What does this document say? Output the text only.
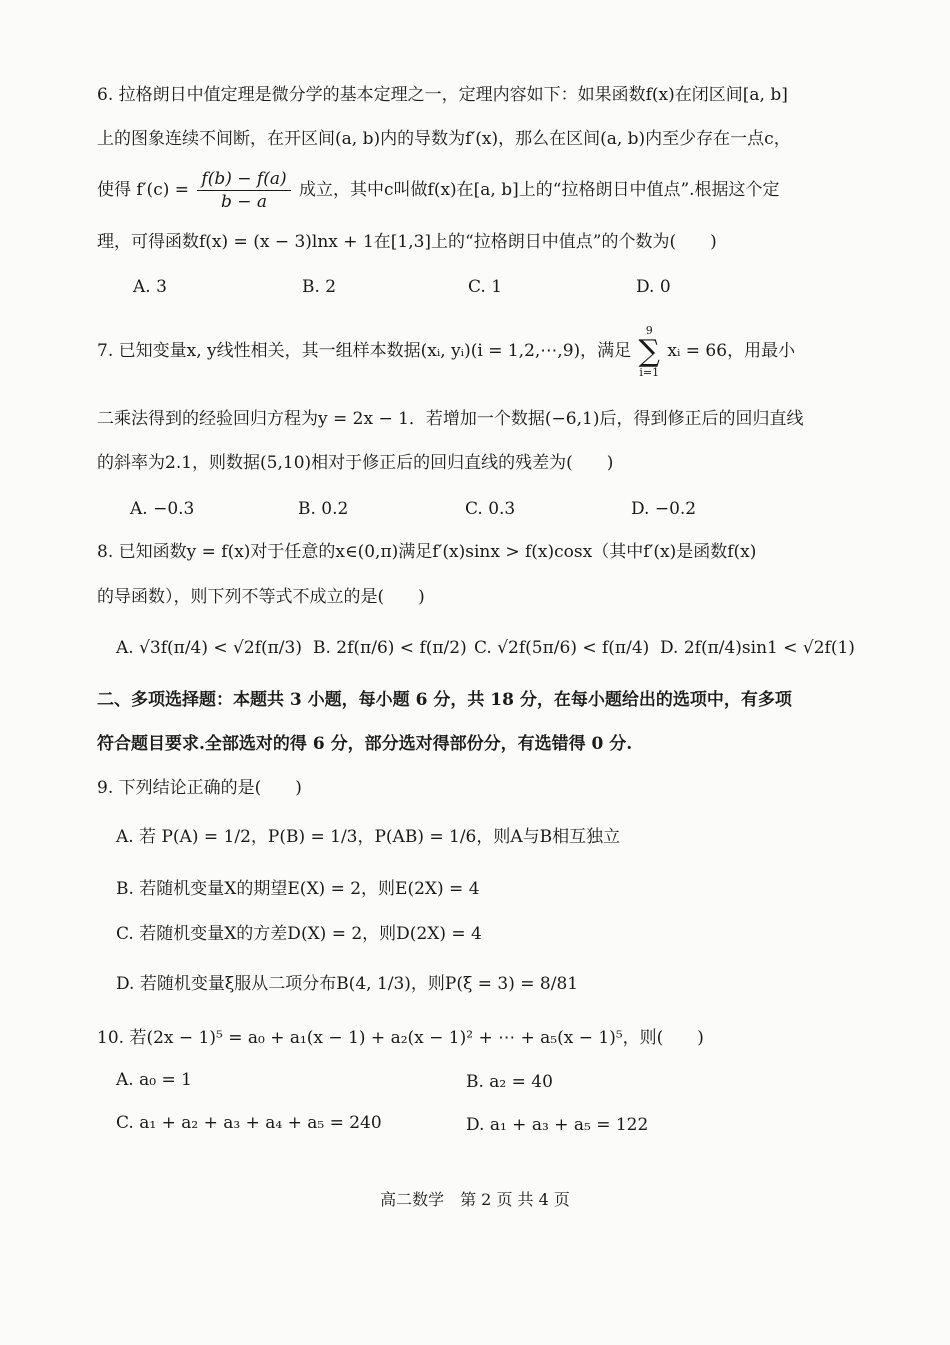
6. 拉格朗日中值定理是微分学的基本定理之一，定理内容如下：如果函数f(x)在闭区间[a, b]
上的图象连续不间断，在开区间(a, b)内的导数为f′(x)，那么在区间(a, b)内至少存在一点c，
使得 $f'(c) = \frac{f(b) - f(a)}{b - a}$ 成立，其中c叫做f(x)在[a, b]上的“拉格朗日中值点”.根据这个定
理，可得函数f(x) = (x − 3)lnx + 1在[1,3]上的“拉格朗日中值点”的个数为(　　)
A. 3	B. 2	C. 1	D. 0
7. 已知变量x, y线性相关，其一组样本数据(xᵢ, yᵢ)(i = 1,2,⋯,9)，满足
9
∑
i=1
xᵢ = 66，用最小
二乘法得到的经验回归方程为y = 2x − 1．若增加一个数据(−6,1)后，得到修正后的回归直线
的斜率为2.1，则数据(5,10)相对于修正后的回归直线的残差为(　　)
A. −0.3	B. 0.2	C. 0.3	D. −0.2
8. 已知函数y = f(x)对于任意的x∈(0,π)满足f′(x)sinx > f(x)cosx（其中f′(x)是函数f(x)
的导函数），则下列不等式不成立的是(　　)
A. √3f(π/4) < √2f(π/3) B. 2f(π/6) < f(π/2) C. √2f(5π/6) < f(π/4) D. 2f(π/4)sin1 < √2f(1)
二、多项选择题：本题共 3 小题，每小题 6 分，共 18 分，在每小题给出的选项中，有多项
符合题目要求.全部选对的得 6 分，部分选对得部份分，有选错得 0 分.
9. 下列结论正确的是(　　)
A. 若 P(A) = 1/2，P(B) = 1/3，P(AB) = 1/6，则A与B相互独立
B. 若随机变量X的期望E(X) = 2，则E(2X) = 4
C. 若随机变量X的方差D(X) = 2，则D(2X) = 4
D. 若随机变量ξ服从二项分布B(4, 1/3)，则P(ξ = 3) = 8/81
10. 若(2x − 1)⁵ = a₀ + a₁(x − 1) + a₂(x − 1)² + ⋯ + a₅(x − 1)⁵，则(　　)
A. a₀ = 1	B. a₂ = 40
C. a₁ + a₂ + a₃ + a₄ + a₅ = 240	D. a₁ + a₃ + a₅ = 122
高二数学　第 2 页 共 4 页
